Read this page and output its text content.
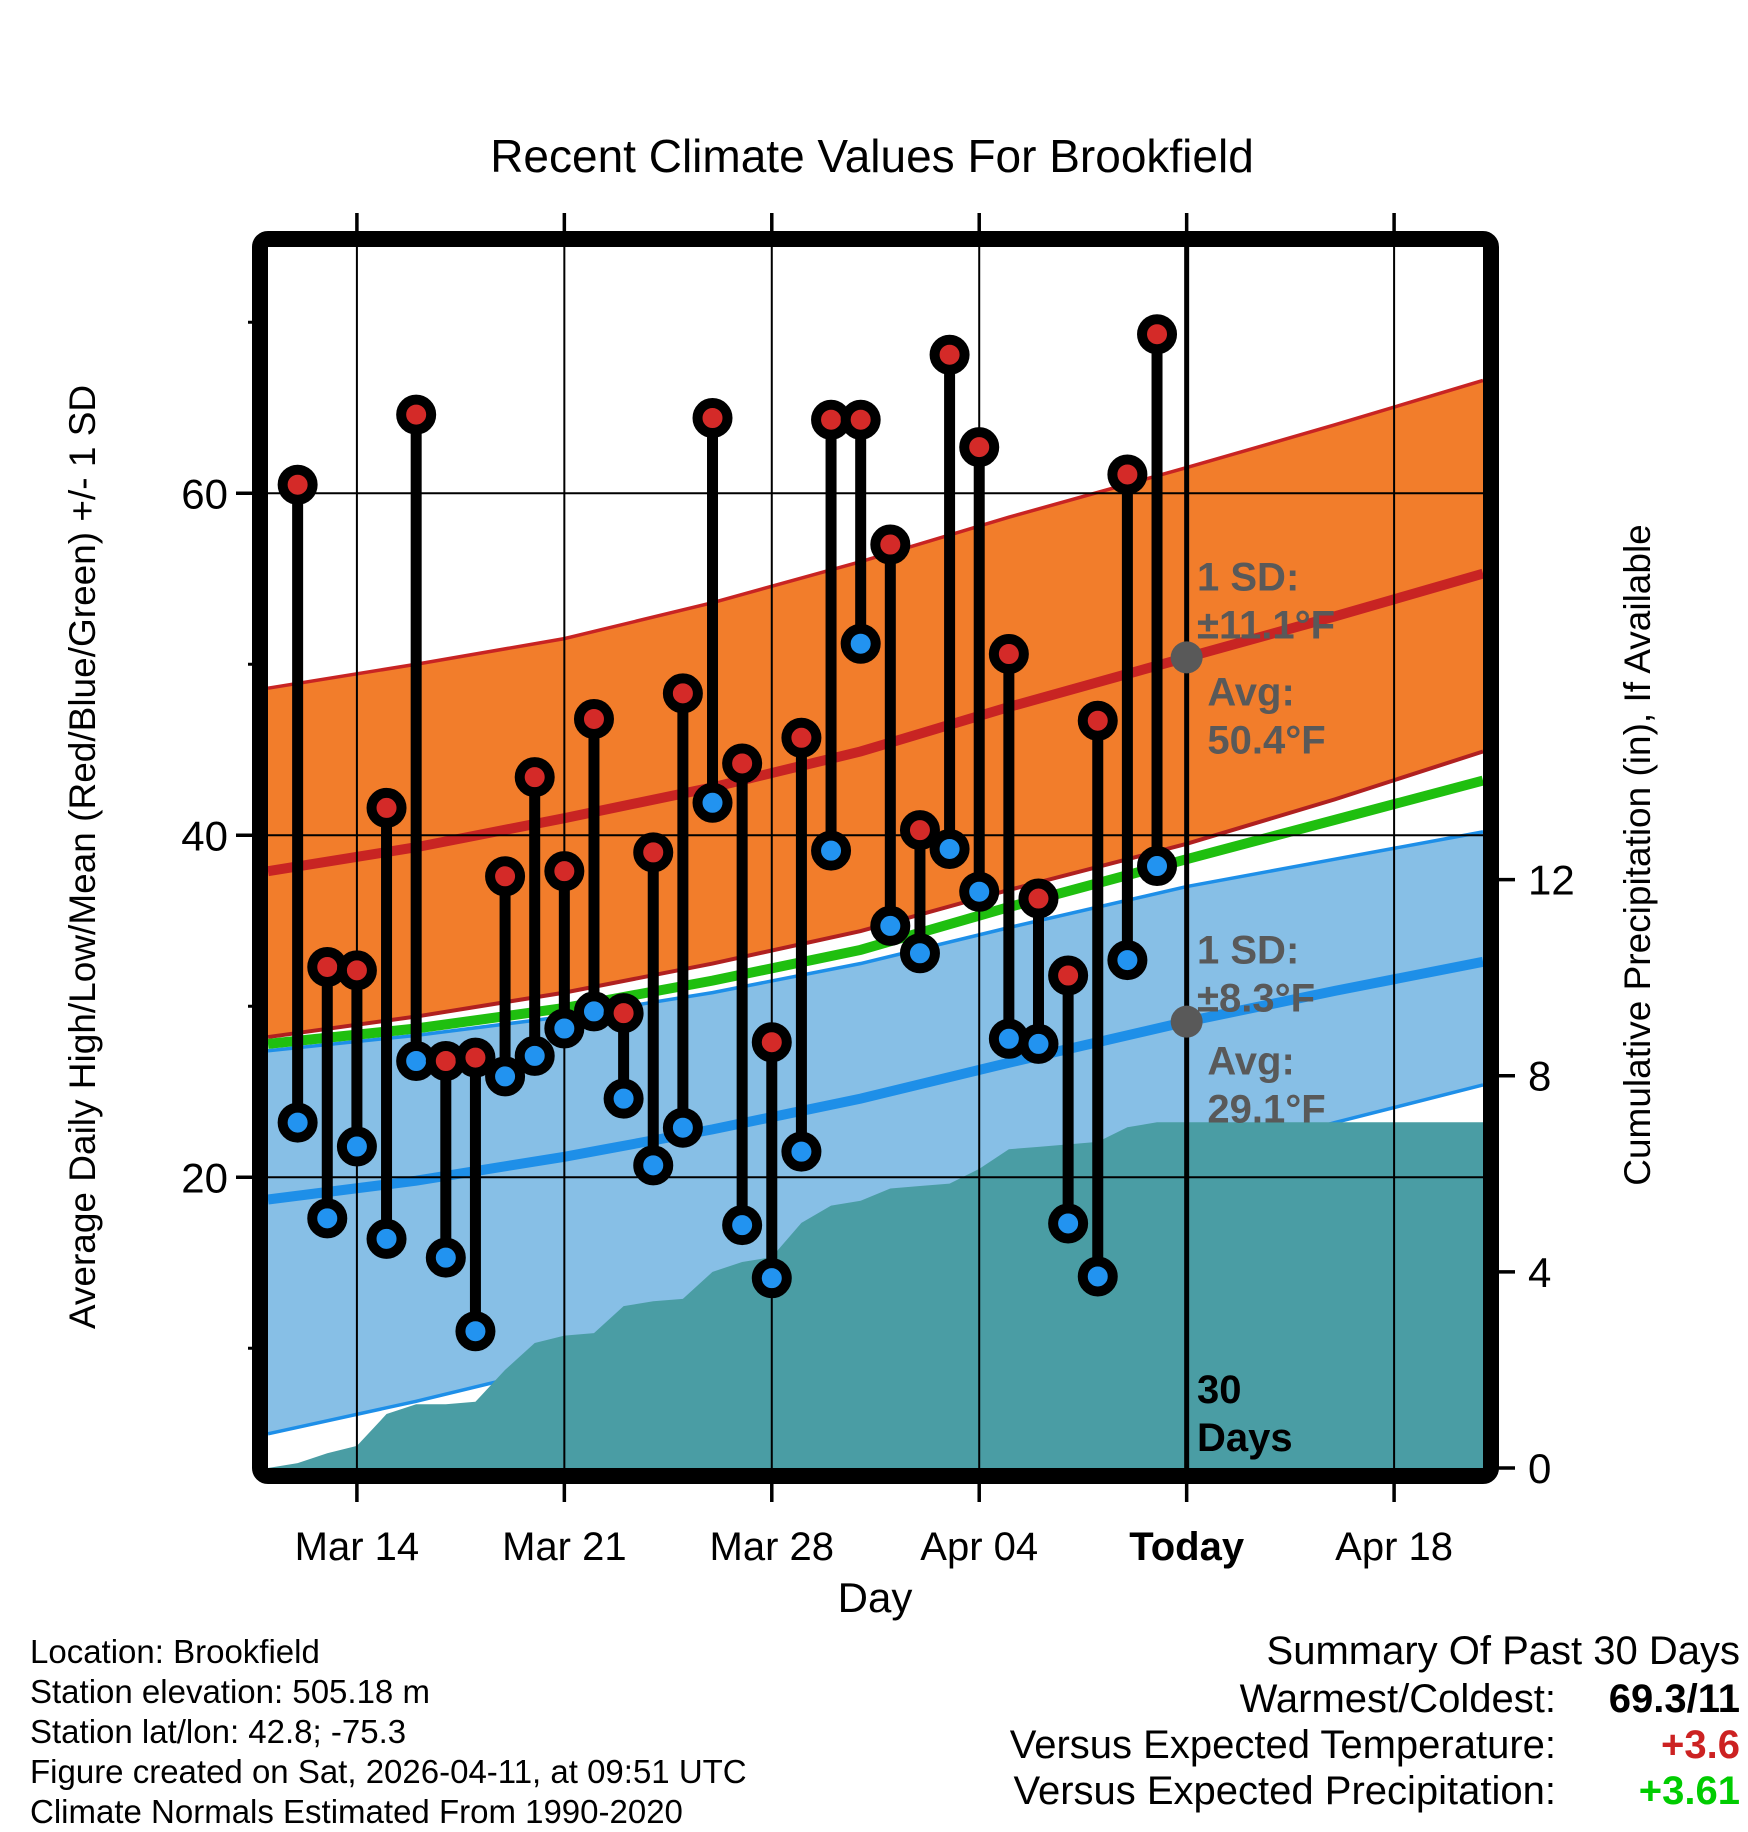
1 SD:
±11.1°F
Avg:
50.4°F
1 SD:
±8.3°F
Avg:
29.1°F
30
Days
20
40
60
0
4
8
12
Mar 14 Mar 21 Mar 28 Apr 04 Today Apr 18
Recent Climate Values For Brookfield
Day
Average Daily High/Low/Mean (Red/Blue/Green) +/- 1 SD	Cumulative Precipitation (in), If Available
Location: Brookfield
Station elevation: 505.18 m
Station lat/lon: 42.8; -75.3
Figure created on Sat, 2026-04-11, at 09:51 UTC
Climate Normals Estimated From 1990-2020
Summary Of Past 30 Days
Warmest/Coldest:	69.3/11
Versus Expected Temperature:	+3.6
Versus Expected Precipitation:	+3.61
